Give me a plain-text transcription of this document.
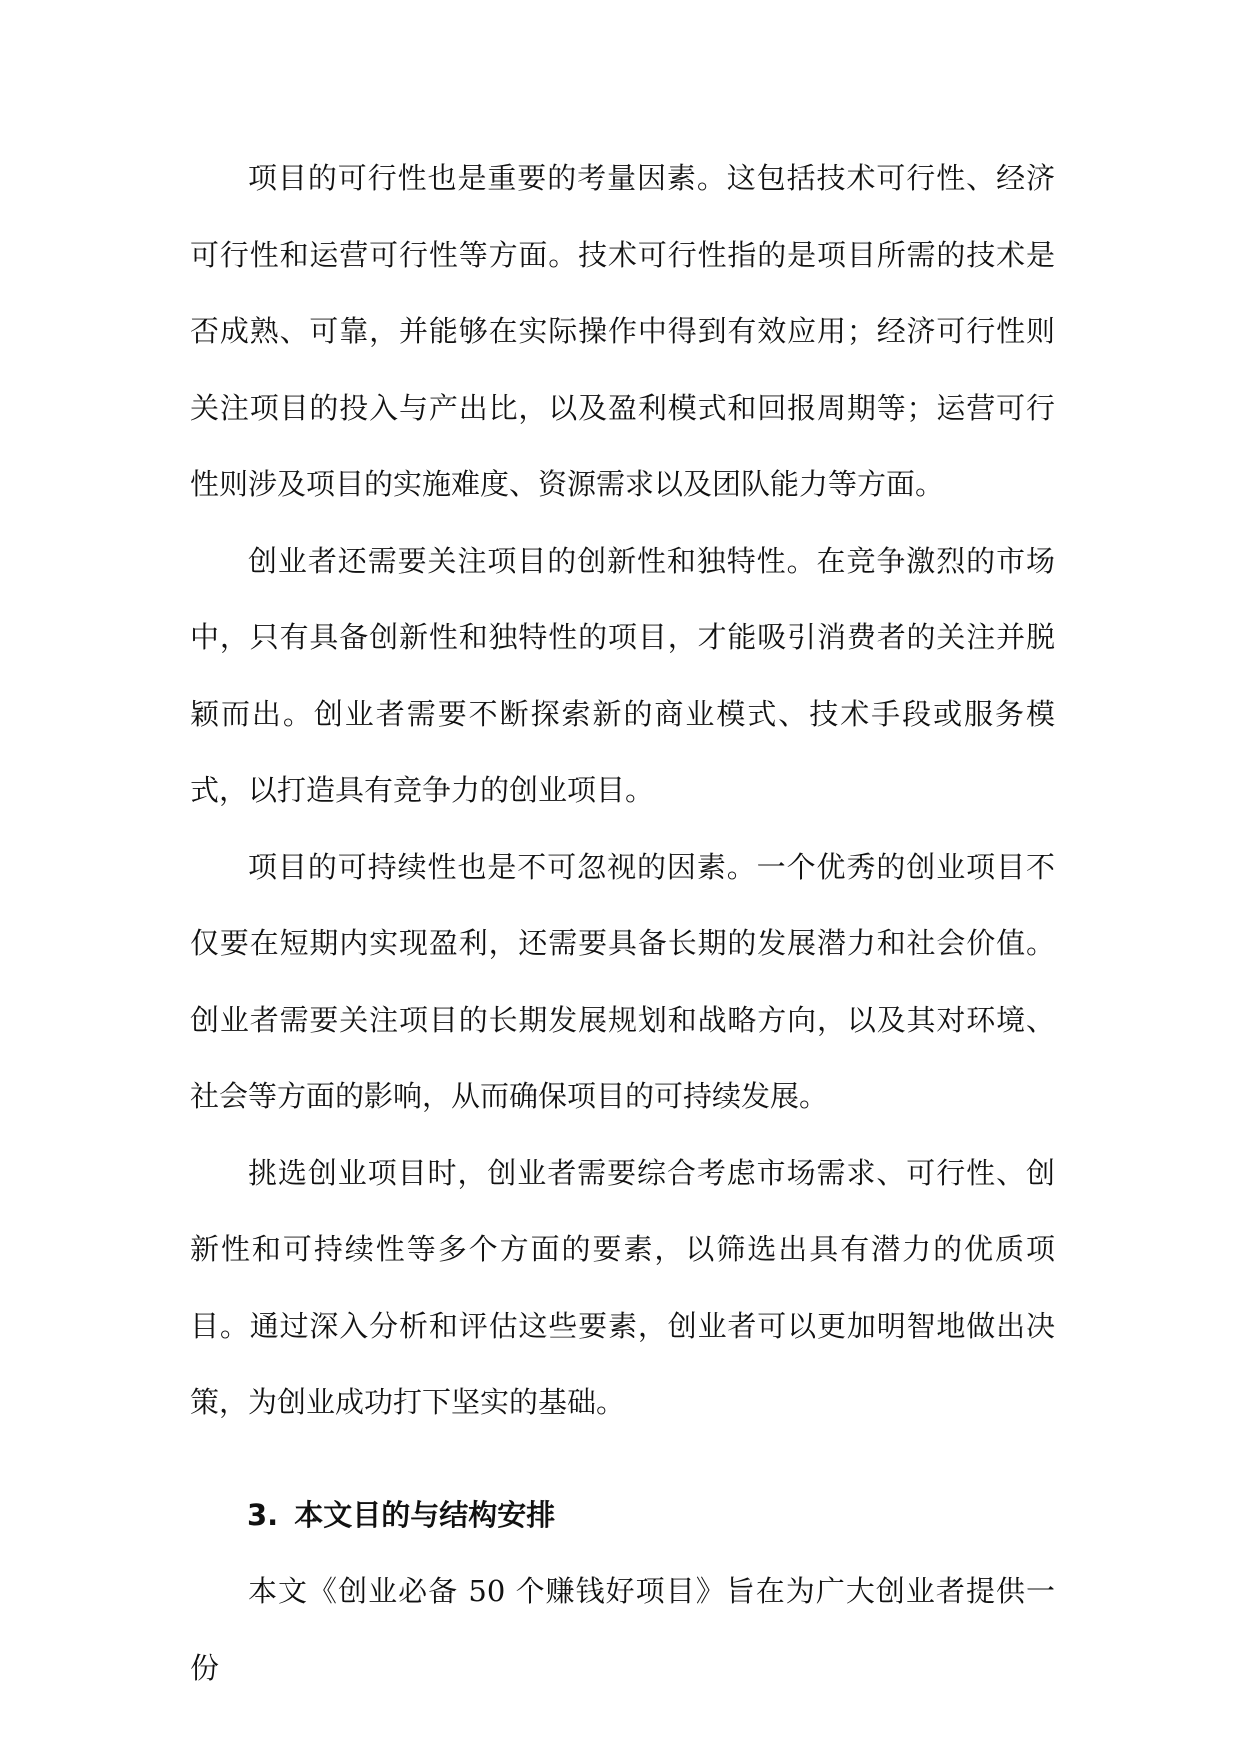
项目的可行性也是重要的考量因素。这包括技术可行性、经济可行性和运营可行性等方面。技术可行性指的是项目所需的技术是否成熟、可靠，并能够在实际操作中得到有效应用；经济可行性则关注项目的投入与产出比，以及盈利模式和回报周期等；运营可行性则涉及项目的实施难度、资源需求以及团队能力等方面。

创业者还需要关注项目的创新性和独特性。在竞争激烈的市场中，只有具备创新性和独特性的项目，才能吸引消费者的关注并脱颖而出。创业者需要不断探索新的商业模式、技术手段或服务模式，以打造具有竞争力的创业项目。

项目的可持续性也是不可忽视的因素。一个优秀的创业项目不仅要在短期内实现盈利，还需要具备长期的发展潜力和社会价值。创业者需要关注项目的长期发展规划和战略方向，以及其对环境、社会等方面的影响，从而确保项目的可持续发展。

挑选创业项目时，创业者需要综合考虑市场需求、可行性、创新性和可持续性等多个方面的要素，以筛选出具有潜力的优质项目。通过深入分析和评估这些要素，创业者可以更加明智地做出决策，为创业成功打下坚实的基础。

3. 本文目的与结构安排

本文《创业必备 50 个赚钱好项目》旨在为广大创业者提供一份
